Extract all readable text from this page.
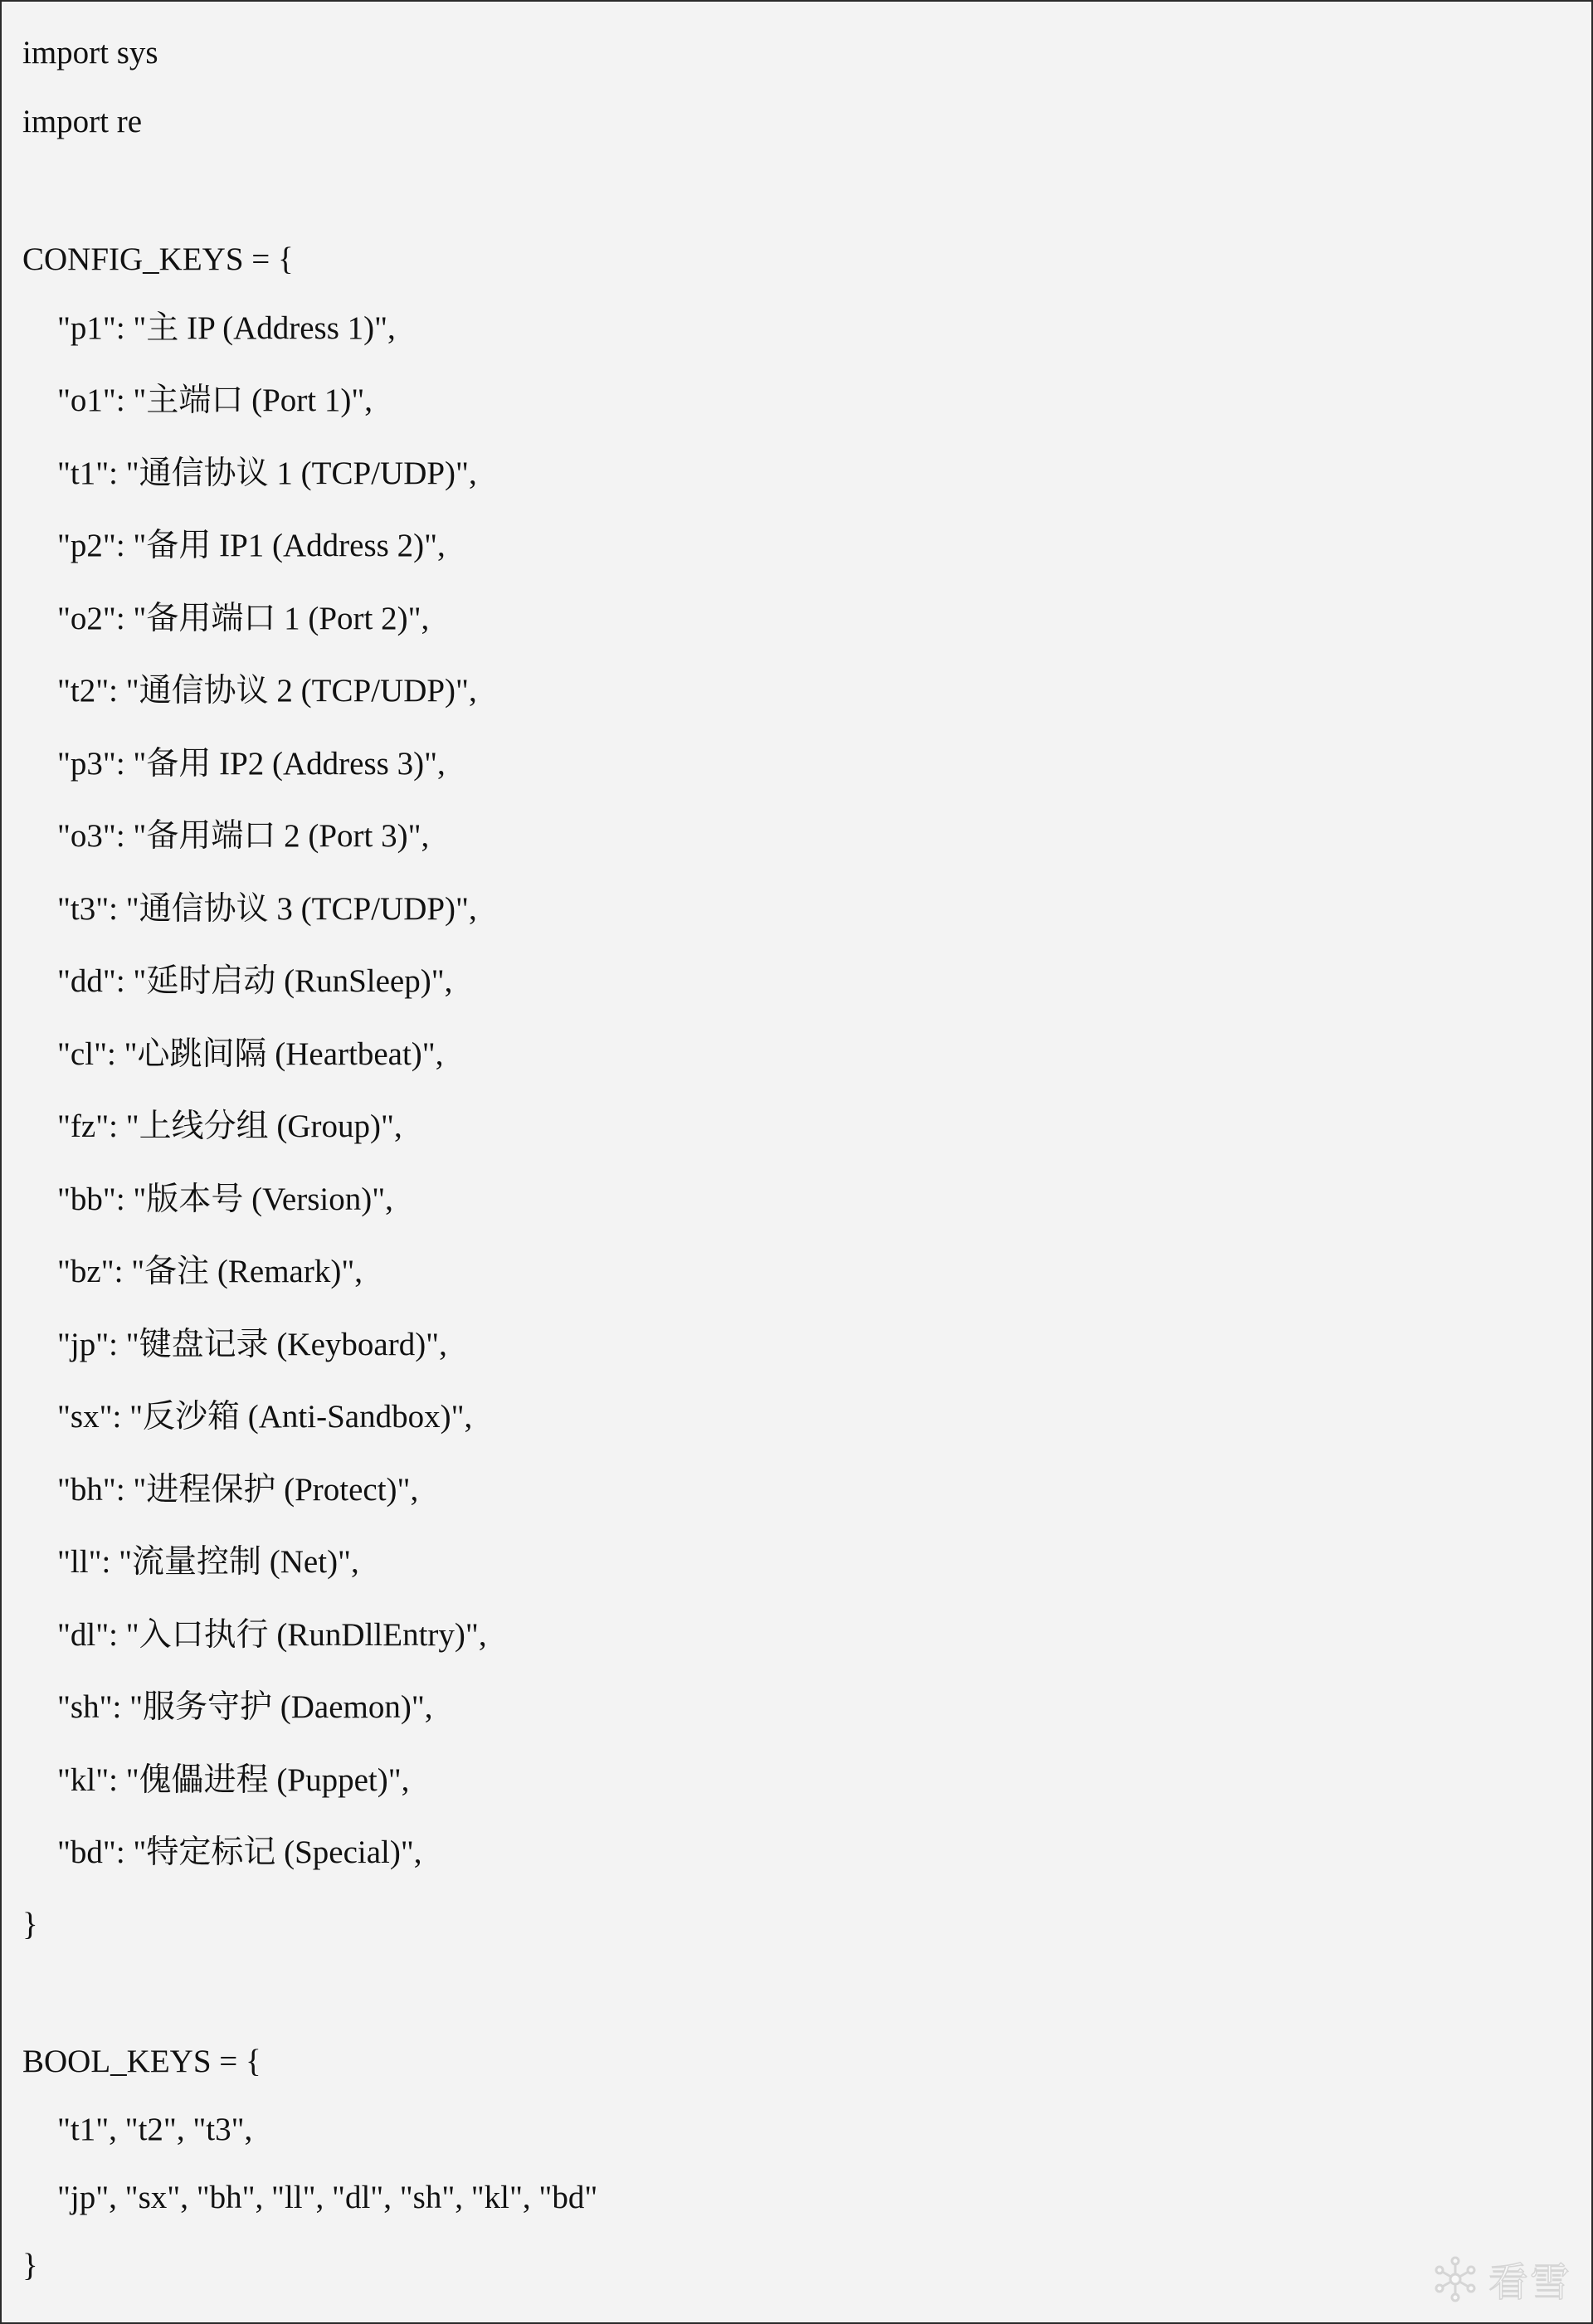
import sys
import re
CONFIG_KEYS = {
"p1": "主 IP (Address 1)",
"o1": "主端口 (Port 1)",
"t1": "通信协议 1 (TCP/UDP)",
"p2": "备用 IP1 (Address 2)",
"o2": "备用端口 1 (Port 2)",
"t2": "通信协议 2 (TCP/UDP)",
"p3": "备用 IP2 (Address 3)",
"o3": "备用端口 2 (Port 3)",
"t3": "通信协议 3 (TCP/UDP)",
"dd": "延时启动 (RunSleep)",
"cl": "心跳间隔 (Heartbeat)",
"fz": "上线分组 (Group)",
"bb": "版本号 (Version)",
"bz": "备注 (Remark)",
"jp": "键盘记录 (Keyboard)",
"sx": "反沙箱 (Anti-Sandbox)",
"bh": "进程保护 (Protect)",
"ll": "流量控制 (Net)",
"dl": "入口执行 (RunDllEntry)",
"sh": "服务守护 (Daemon)",
"kl": "傀儡进程 (Puppet)",
"bd": "特定标记 (Special)",
}
BOOL_KEYS = {
"t1", "t2", "t3",
"jp", "sx", "bh", "ll", "dl", "sh", "kl", "bd"
}	看雪
